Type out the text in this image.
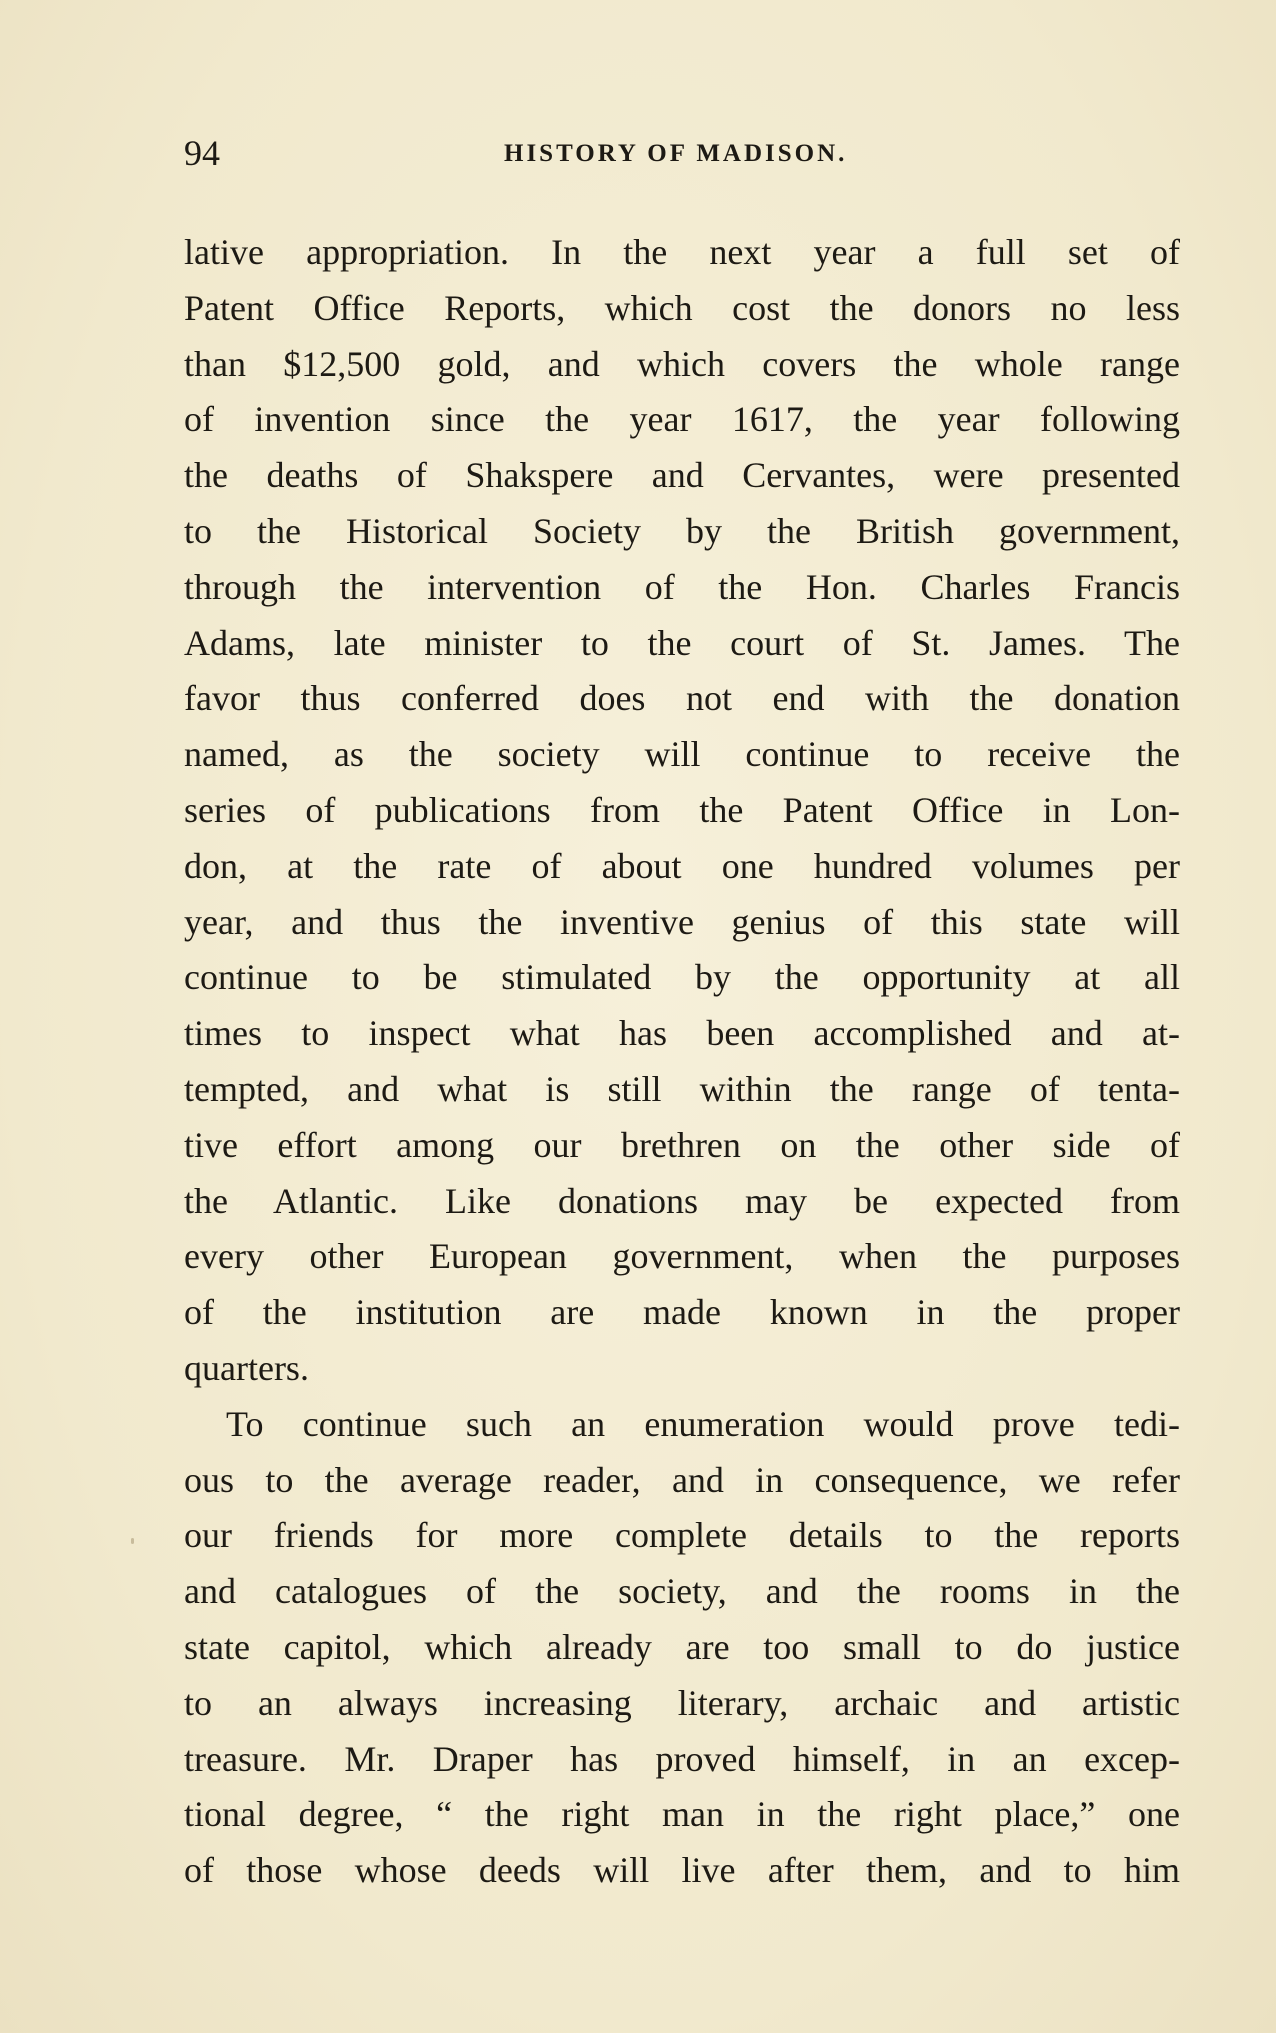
94	HISTORY OF MADISON.
lative appropriation. In the next year a full set of
Patent Office Reports, which cost the donors no less
than $12,500 gold, and which covers the whole range
of invention since the year 1617, the year following
the deaths of Shakspere and Cervantes, were presented
to the Historical Society by the British government,
through the intervention of the Hon. Charles Francis
Adams, late minister to the court of St. James. The
favor thus conferred does not end with the donation
named, as the society will continue to receive the
series of publications from the Patent Office in Lon-
don, at the rate of about one hundred volumes per
year, and thus the inventive genius of this state will
continue to be stimulated by the opportunity at all
times to inspect what has been accomplished and at-
tempted, and what is still within the range of tenta-
tive effort among our brethren on the other side of
the Atlantic. Like donations may be expected from
every other European government, when the purposes
of the institution are made known in the proper
quarters.
To continue such an enumeration would prove tedi-
ous to the average reader, and in consequence, we refer
our friends for more complete details to the reports
and catalogues of the society, and the rooms in the
state capitol, which already are too small to do justice
to an always increasing literary, archaic and artistic
treasure. Mr. Draper has proved himself, in an excep-
tional degree, “ the right man in the right place,” one
of those whose deeds will live after them, and to him
